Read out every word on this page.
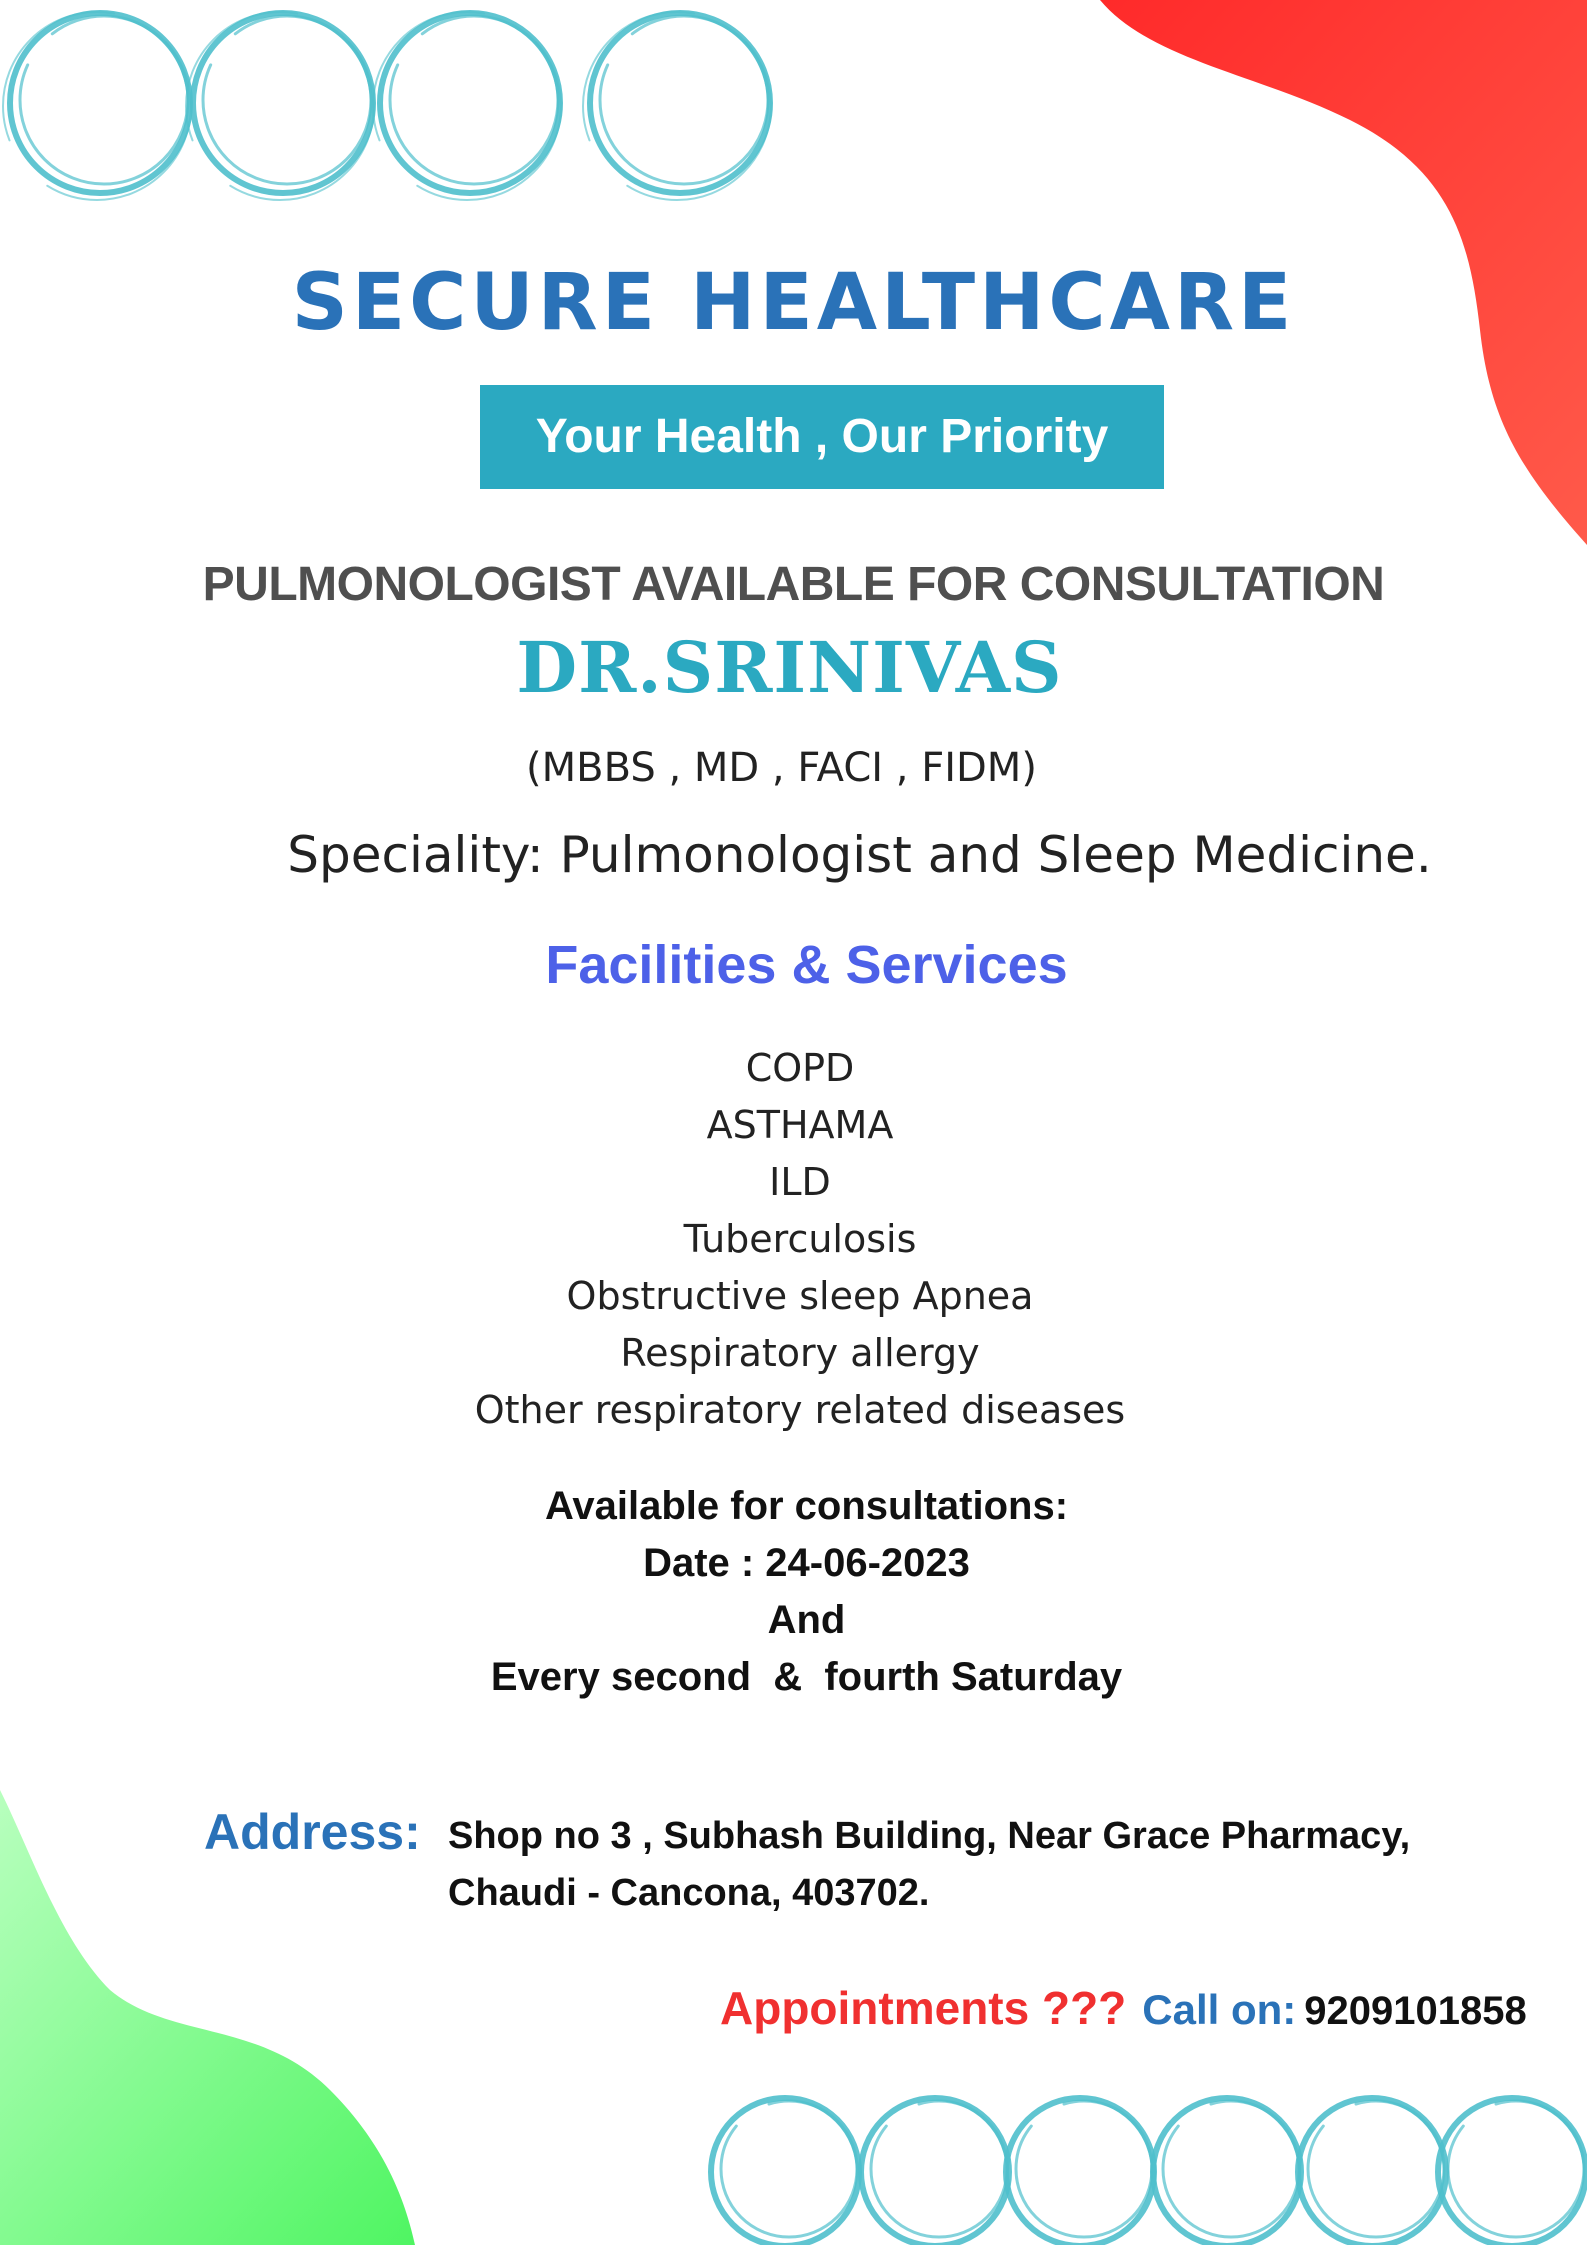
SECURE HEALTHCARE
Your Health , Our Priority
PULMONOLOGIST AVAILABLE FOR CONSULTATION
DR.SRINIVAS
(MBBS , MD , FACI , FIDM)
Speciality: Pulmonologist and Sleep Medicine.
Facilities & Services
COPD
ASTHAMA
ILD
Tuberculosis
Obstructive sleep Apnea
Respiratory allergy
Other respiratory related diseases
Available for consultations:
Date : 24-06-2023
And
Every second  &  fourth Saturday
Address: Shop no 3 , Subhash Building, Near Grace Pharmacy,
Chaudi - Cancona, 403702.
Appointments ??? Call on: 9209101858
